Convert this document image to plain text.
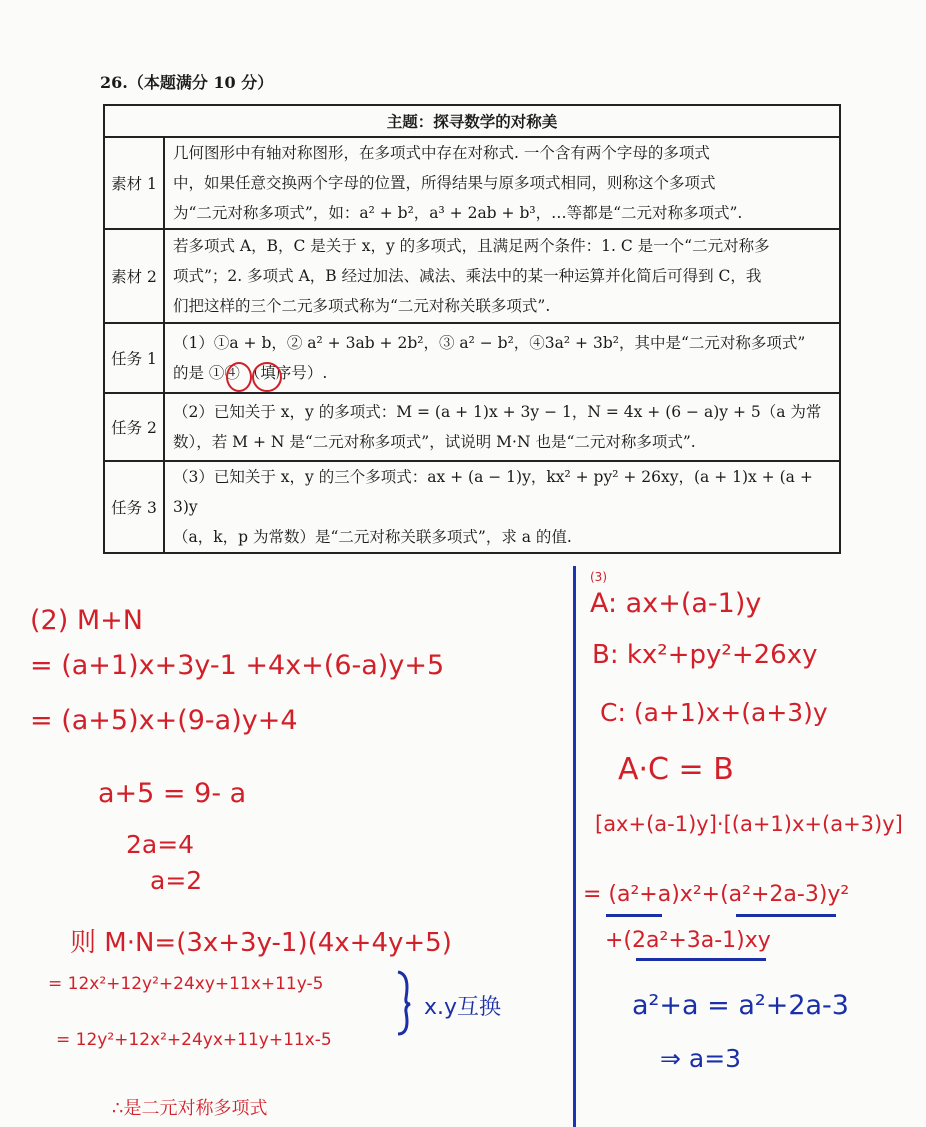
26.（本题满分 10 分）
主题：探寻数学的对称美	
素材 1	几何图形中有轴对称图形，在多项式中存在对称式. 一个含有两个字母的多项式
中，如果任意交换两个字母的位置，所得结果与原多项式相同，则称这个多项式
为“二元对称多项式”，如：a² + b²，a³ + 2ab + b³，…等都是“二元对称多项式”.

素材 2	若多项式 A，B，C 是关于 x，y 的多项式，且满足两个条件：1. C 是一个“二元对称多
项式”；2. 多项式 A，B 经过加法、减法、乘法中的某一种运算并化简后可得到 C，我
们把这样的三个二元多项式称为“二元对称关联多项式”.

任务 1	（1）①a + b，② a² + 3ab + 2b²，③ a² − b²，④3a² + 3b²，其中是“二元对称多项式”
的是 ①④ （填序号）.

任务 2	（2）已知关于 x，y 的多项式：M = (a + 1)x + 3y − 1，N = 4x + (6 − a)y + 5（a 为常
数），若 M + N 是“二元对称多项式”，试说明 M·N 也是“二元对称多项式”.

任务 3	（3）已知关于 x，y 的三个多项式：ax + (a − 1)y，kx² + py² + 26xy，(a + 1)x + (a + 3)y
（a，k，p 为常数）是“二元对称关联多项式”，求 a 的值.
(2) M+N
= (a+1)x+3y-1 +4x+(6-a)y+5
= (a+5)x+(9-a)y+4
a+5 = 9- a
2a=4
a=2
则 M·N=(3x+3y-1)(4x+4y+5)
= 12x²+12y²+24xy+11x+11y-5
= 12y²+12x²+24yx+11y+11x-5
∴是二元对称多项式
x.y互换
(3)
A: ax+(a-1)y
B: kx²+py²+26xy
C: (a+1)x+(a+3)y
A·C = B
[ax+(a-1)y]·[(a+1)x+(a+3)y]
= (a²+a)x²+(a²+2a-3)y²
+(2a²+3a-1)xy
a²+a = a²+2a-3
⇒ a=3
